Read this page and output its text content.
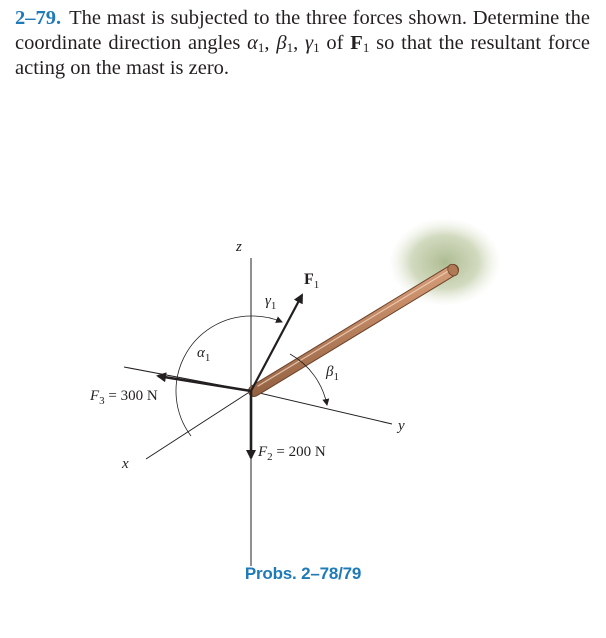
2–79. The mast is subjected to the three forces shown. Determine the coordinate direction angles $\alpha_1$, $\beta_1$, $\gamma_1$ of $F_1$ so that the resultant force acting on the mast is zero.
z
y
x
$F_1$
$\gamma_1$
$\alpha_1$
$\beta_1$
$F_3 = 300$ N
$F_2 = 200$ N
Probs. 2–78/79
